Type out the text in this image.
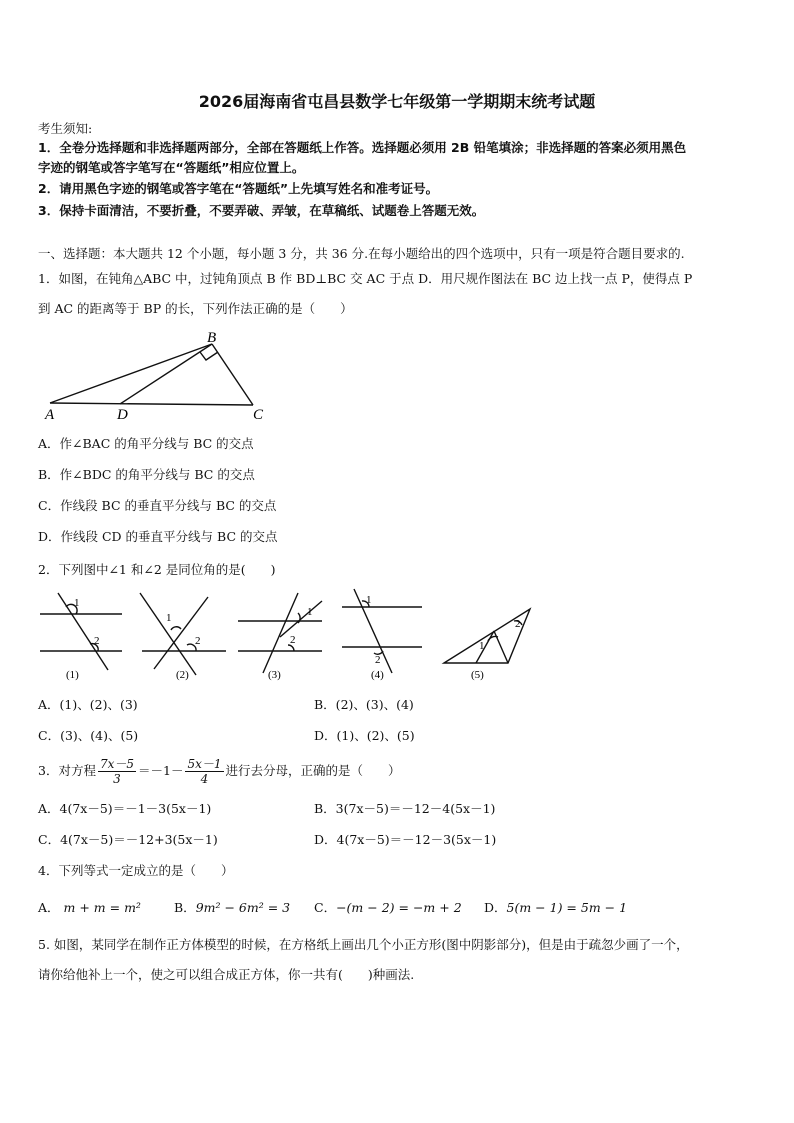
2026届海南省屯昌县数学七年级第一学期期末统考试题
考生须知:
1．全卷分选择题和非选择题两部分，全部在答题纸上作答。选择题必须用 2B 铅笔填涂；非选择题的答案必须用黑色
字迹的钢笔或答字笔写在“答题纸”相应位置上。
2．请用黑色字迹的钢笔或答字笔在“答题纸”上先填写姓名和准考证号。
3．保持卡面清洁，不要折叠，不要弄破、弄皱，在草稿纸、试题卷上答题无效。
一、选择题：本大题共 12 个小题，每小题 3 分，共 36 分.在每小题给出的四个选项中，只有一项是符合题目要求的.
1．如图，在钝角△ABC 中，过钝角顶点 B 作 BD⊥BC 交 AC 于点 D．用尺规作图法在 BC 边上找一点 P，使得点 P
到 AC 的距离等于 BP 的长，下列作法正确的是（　　）
B
A	D	C
A．作∠BAC 的角平分线与 BC 的交点
B．作∠BDC 的角平分线与 BC 的交点
C．作线段 BC 的垂直平分线与 BC 的交点
D．作线段 CD 的垂直平分线与 BC 的交点
2．下列图中∠1 和∠2 是同位角的是(　　)
1
2
1
2
1
2
1
2
1
2
(1)	(2)	(3)	(4)	(5)
A．(1)、(2)、(3)	B．(2)、(3)、(4)
C．(3)、(4)、(5)	D．(1)、(2)、(5)
3．对方程 $\frac{7x-5}{3} =-1- \frac{5x-1}{4}$ 进行去分母，正确的是（　　）
A．4(7x－5)＝－1－3(5x－1)	B．3(7x－5)＝－12－4(5x－1)
C．4(7x－5)＝－12+3(5x－1)	D．4(7x－5)＝－12－3(5x－1)
4．下列等式一定成立的是（　　）
A． m + m = m²	B．9m² − 6m² = 3 C．−(m − 2) = −m + 2 D．5(m − 1) = 5m − 1
5. 如图，某同学在制作正方体模型的时候，在方格纸上画出几个小正方形(图中阴影部分)，但是由于疏忽少画了一个，
请你给他补上一个，使之可以组合成正方体，你一共有(　　)种画法.
